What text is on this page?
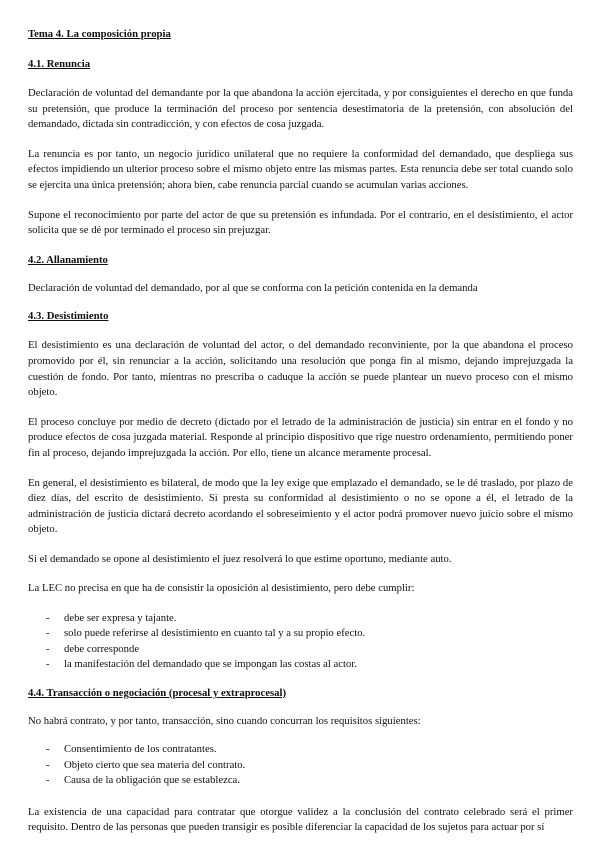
Tema 4. La composición propia

4.1. Renuncia

Declaración de voluntad del demandante por la que abandona la acción ejercitada, y por consiguientes el derecho en que funda su pretensión, que produce la terminación del proceso por sentencia desestimatoria de la pretensión, con absolución del demandado, dictada sin contradicción, y con efectos de cosa juzgada.

La renuncia es por tanto, un negocio jurídico unilateral que no requiere la conformidad del demandado, que despliega sus efectos impidiendo un ulterior proceso sobre el mismo objeto entre las mismas partes. Esta renuncia debe ser total cuando solo se ejercita una única pretensión; ahora bien, cabe renuncia parcial cuando se acumulan varias acciones.

Supone el reconocimiento por parte del actor de que su pretensión es infundada. Por el contrario, en el desistimiento, el actor solicita que se dé por terminado el proceso sin prejuzgar.

4.2. Allanamiento

Declaración de voluntad del demandado, por al que se conforma con la petición contenida en la demanda

4.3. Desistimiento

El desistimiento es una declaración de voluntad del actor, o del demandado reconviniente, por la que abandona el proceso promovido por él, sin renunciar a la acción, solicitando una resolución que ponga fin al mismo, dejando imprejuzgada la cuestión de fondo. Por tanto, mientras no prescriba o caduque la acción se puede plantear un nuevo proceso con el mismo objeto.

El proceso concluye por medio de decreto (dictado por el letrado de la administración de justicia) sin entrar en el fondo y no produce efectos de cosa juzgada material. Responde al principio dispositivo que rige nuestro ordenamiento, permitiendo poner fin al proceso, dejando imprejuzgada la acción. Por ello, tiene un alcance meramente procesal.

En general, el desistimiento es bilateral, de modo que la ley exige que emplazado el demandado, se le dé traslado, por plazo de diez días, del escrito de desistimiento. Si presta su conformidad al desistimiento o no se opone a él, el letrado de la administración de justicia dictará decreto acordando el sobreseimiento y el actor podrá promover nuevo juicio sobre el mismo objeto.

Si el demandado se opone al desistimiento el juez resolverá lo que estime oportuno, mediante auto.

La LEC no precisa en que ha de consistir la oposición al desistimiento, pero debe cumplir:

-	debe ser expresa y tajante.
-	solo puede referirse al desistimiento en cuanto tal y a su propio efecto.
-	debe corresponde
-	la manifestación del demandado que se impongan las costas al actor.

4.4. Transacción o negociación (procesal y extraprocesal)

No habrá contrato, y por tanto, transacción, sino cuando concurran los requisitos siguientes:

-	Consentimiento de los contratantes.
-	Objeto cierto que sea materia del contrato.
-	Causa de la obligación que se establezca.

La existencia de una capacidad para contratar que otorgue validez a la conclusión del contrato celebrado será el primer requisito. Dentro de las personas que pueden transigir es posible diferenciar la capacidad de los sujetos para actuar por sí
